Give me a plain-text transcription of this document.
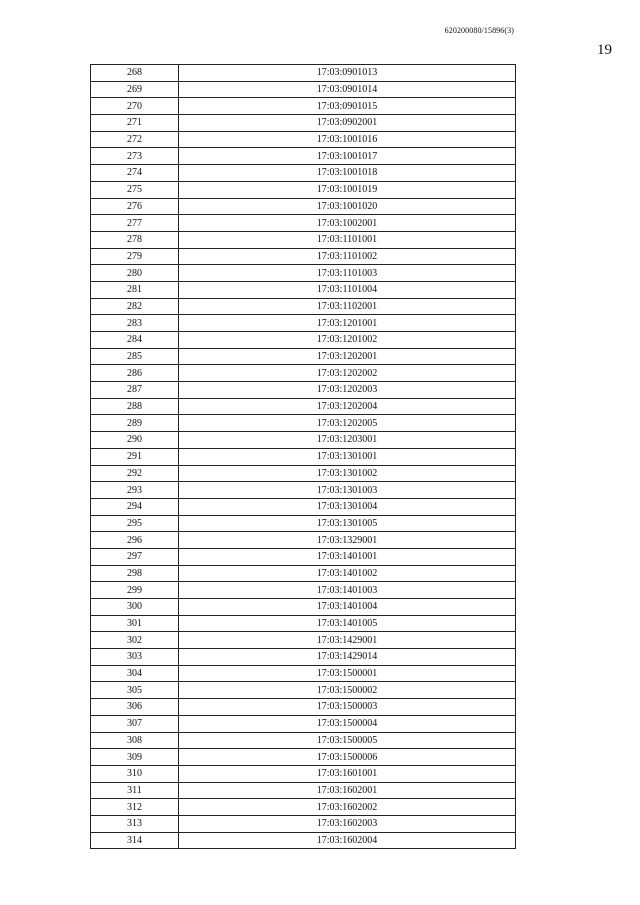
620200080/15896(3)
19
268	17:03:0901013
269	17:03:0901014
270	17:03:0901015
271	17:03:0902001
272	17:03:1001016
273	17:03:1001017
274	17:03:1001018
275	17:03:1001019
276	17:03:1001020
277	17:03:1002001
278	17:03:1101001
279	17:03:1101002
280	17:03:1101003
281	17:03:1101004
282	17:03:1102001
283	17:03:1201001
284	17:03:1201002
285	17:03:1202001
286	17:03:1202002
287	17:03:1202003
288	17:03:1202004
289	17:03:1202005
290	17:03:1203001
291	17:03:1301001
292	17:03:1301002
293	17:03:1301003
294	17:03:1301004
295	17:03:1301005
296	17:03:1329001
297	17:03:1401001
298	17:03:1401002
299	17:03:1401003
300	17:03:1401004
301	17:03:1401005
302	17:03:1429001
303	17:03:1429014
304	17:03:1500001
305	17:03:1500002
306	17:03:1500003
307	17:03:1500004
308	17:03:1500005
309	17:03:1500006
310	17:03:1601001
311	17:03:1602001
312	17:03:1602002
313	17:03:1602003
314	17:03:1602004
